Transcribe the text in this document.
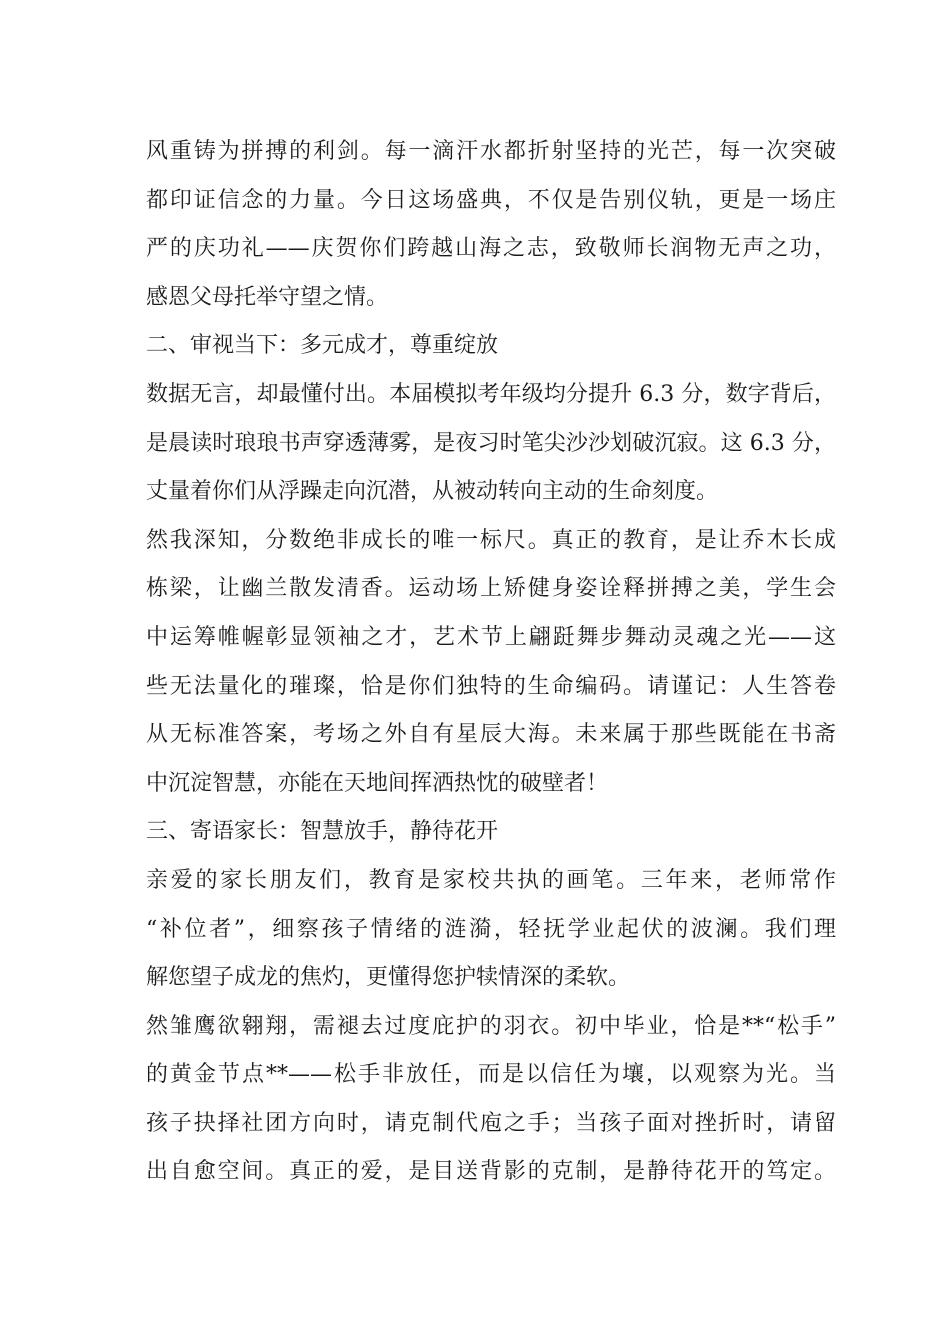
风重铸为拼搏的利剑。每一滴汗水都折射坚持的光芒，每一次突破
都印证信念的力量。今日这场盛典，不仅是告别仪轨，更是一场庄
严的庆功礼——庆贺你们跨越山海之志，致敬师长润物无声之功，
感恩父母托举守望之情。
二、审视当下：多元成才，尊重绽放
数据无言，却最懂付出。本届模拟考年级均分提升 6.3 分，数字背后，
是晨读时琅琅书声穿透薄雾，是夜习时笔尖沙沙划破沉寂。这 6.3 分，
丈量着你们从浮躁走向沉潜，从被动转向主动的生命刻度。
然我深知，分数绝非成长的唯一标尺。真正的教育，是让乔木长成
栋梁，让幽兰散发清香。运动场上矫健身姿诠释拼搏之美，学生会
中运筹帷幄彰显领袖之才，艺术节上翩跹舞步舞动灵魂之光——这
些无法量化的璀璨，恰是你们独特的生命编码。请谨记：人生答卷
从无标准答案，考场之外自有星辰大海。未来属于那些既能在书斋
中沉淀智慧，亦能在天地间挥洒热忱的破壁者！
三、寄语家长：智慧放手，静待花开
亲爱的家长朋友们，教育是家校共执的画笔。三年来，老师常作
“补位者”，细察孩子情绪的涟漪，轻抚学业起伏的波澜。我们理
解您望子成龙的焦灼，更懂得您护犊情深的柔软。
然雏鹰欲翱翔，需褪去过度庇护的羽衣。初中毕业，恰是**“松手”
的黄金节点**——松手非放任，而是以信任为壤，以观察为光。当
孩子抉择社团方向时，请克制代庖之手；当孩子面对挫折时，请留
出自愈空间。真正的爱，是目送背影的克制，是静待花开的笃定。
